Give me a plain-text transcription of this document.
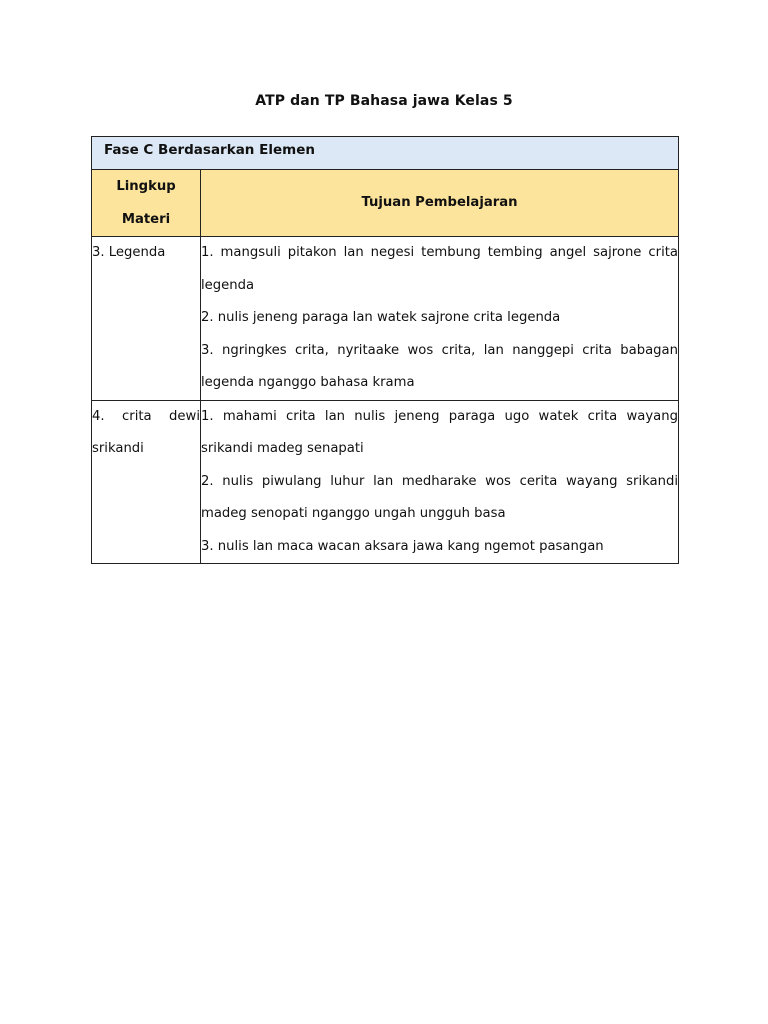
ATP dan TP Bahasa jawa Kelas 5
Fase C Berdasarkan Elemen	

Lingkup
Materi	Tujuan Pembelajaran
3. Legenda	1. mangsuli pitakon lan negesi tembung tembing angel sajrone crita legenda
2. nulis jeneng paraga lan watek sajrone crita legenda
3. ngringkes crita, nyritaake wos crita, lan nanggepi crita babagan legenda nganggo bahasa krama

4. crita dewi srikandi	1. mahami crita lan nulis jeneng paraga ugo watek crita wayang srikandi madeg senapati
2. nulis piwulang luhur lan medharake wos cerita wayang srikandi madeg senopati nganggo ungah ungguh basa
3. nulis lan maca wacan aksara jawa kang ngemot pasangan
